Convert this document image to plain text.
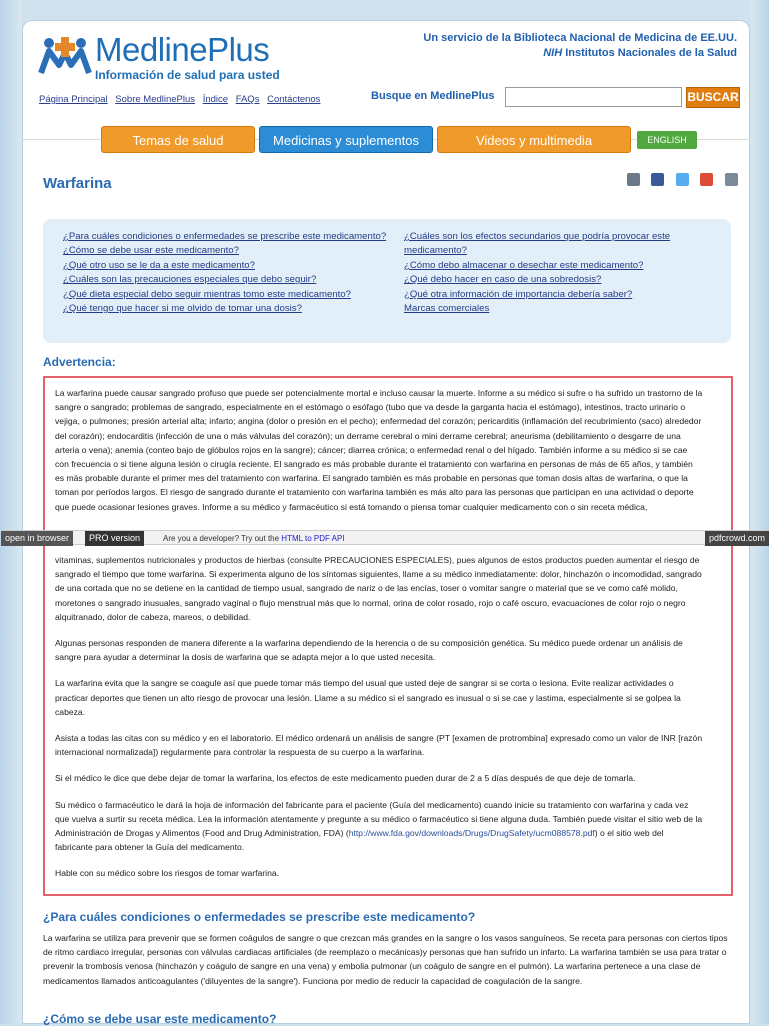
MedlinePlus
Información de salud para usted
Un servicio de la Biblioteca Nacional de Medicina de EE.UU.
NIH Institutos Nacionales de la Salud
Página Principal Sobre MedlinePlus Índice FAQs Contáctenos	Busque en MedlinePlus	BUSCAR
Temas de salud	Medicinas y suplementos	Videos y multimedia	ENGLISH
Warfarina

¿Para cuáles condiciones o enfermedades se prescribe este medicamento?
¿Cómo se debe usar este medicamento?
¿Qué otro uso se le da a este medicamento?
¿Cuáles son las precauciones especiales que debo seguir?
¿Qué dieta especial debo seguir mientras tomo este medicamento?
¿Qué tengo que hacer si me olvido de tomar una dosis?
¿Cuáles son los efectos secundarios que podría provocar este medicamento?
¿Cómo debo almacenar o desechar este medicamento?
¿Qué debo hacer en caso de una sobredosis?
¿Qué otra información de importancia debería saber?
Marcas comerciales
Advertencia:

La warfarina puede causar sangrado profuso que puede ser potencialmente mortal e incluso causar la muerte. Informe a su médico si sufre o ha sufrido un trastorno de la sangre o sangrado; problemas de sangrado, especialmente en el estómago o esófago (tubo que va desde la garganta hacia el estómago), intestinos, tracto urinario o vejiga, o pulmones; presión arterial alta; infarto; angina (dolor o presión en el pecho); enfermedad del corazón; pericarditis (inflamación del recubrimiento (saco) alrededor del corazón); endocarditis (infección de una o más válvulas del corazón); un derrame cerebral o mini derrame cerebral; aneurisma (debilitamiento o desgarre de una arteria o vena); anemia (conteo bajo de glóbulos rojos en la sangre); cáncer; diarrea crónica; o enfermedad renal o del hígado. También informe a su médico si se cae con frecuencia o si tiene alguna lesión o cirugía reciente. El sangrado es más probable durante el tratamiento con warfarina en personas de más de 65 años, y también es más probable durante el primer mes del tratamiento con warfarina. El sangrado también es más probable en personas que toman dosis altas de warfarina, o que la toman por períodos largos. El riesgo de sangrado durante el tratamiento con warfarina también es más alto para las personas que participan en una actividad o deporte que puede ocasionar lesiones graves. Informe a su médico y farmacéutico si está tomando o piensa tomar cualquier medicamento con o sin receta médica,

vitaminas, suplementos nutricionales y productos de hierbas (consulte PRECAUCIONES ESPECIALES), pues algunos de estos productos pueden aumentar el riesgo de sangrado el tiempo que tome warfarina. Si experimenta alguno de los síntomas siguientes, llame a su médico inmediatamente: dolor, hinchazón o incomodidad, sangrado de una cortada que no se detiene en la cantidad de tiempo usual, sangrado de nariz o de las encías, toser o vomitar sangre o material que se ve como café molido, moretones o sangrado inusuales, sangrado vaginal o flujo menstrual más que lo normal, orina de color rosado, rojo o café oscuro, evacuaciones de color rojo o negro alquitranado, dolor de cabeza, mareos, o debilidad.

Algunas personas responden de manera diferente a la warfarina dependiendo de la herencia o de su composición genética. Su médico puede ordenar un análisis de sangre para ayudar a determinar la dosis de warfarina que se adapta mejor a lo que usted necesita.

La warfarina evita que la sangre se coagule así que puede tomar más tiempo del usual que usted deje de sangrar si se corta o lesiona. Evite realizar actividades o practicar deportes que tienen un alto riesgo de provocar una lesión. Llame a su médico si el sangrado es inusual o si se cae y lastima, especialmente si se golpea la cabeza.

Asista a todas las citas con su médico y en el laboratorio. El médico ordenará un análisis de sangre (PT [examen de protrombina] expresado como un valor de INR [razón internacional normalizada]) regularmente para controlar la respuesta de su cuerpo a la warfarina.

Si el médico le dice que debe dejar de tomar la warfarina, los efectos de este medicamento pueden durar de 2 a 5 días después de que deje de tomarla.

Su médico o farmacéutico le dará la hoja de información del fabricante para el paciente (Guía del medicamento) cuando inicie su tratamiento con warfarina y cada vez que vuelva a surtir su receta médica. Lea la información atentamente y pregunte a su médico o farmacéutico si tiene alguna duda. También puede visitar el sitio web de la Administración de Drogas y Alimentos (Food and Drug Administration, FDA) (http://www.fda.gov/downloads/Drugs/DrugSafety/ucm088578.pdf) o el sitio web del fabricante para obtener la Guía del medicamento.

Hable con su médico sobre los riesgos de tomar warfarina.

open in browser	PRO version	Are you a developer? Try out the HTML to PDF API	pdfcrowd.com
¿Para cuáles condiciones o enfermedades se prescribe este medicamento?
La warfarina se utiliza para prevenir que se formen coágulos de sangre o que crezcan más grandes en la sangre o los vasos sanguíneos. Se receta para personas con ciertos tipos de ritmo cardiaco irregular, personas con válvulas cardiacas artificiales (de reemplazo o mecánicas)y personas que han sufrido un infarto. La warfarina también se usa para tratar o prevenir la trombosis venosa (hinchazón y coágulo de sangre en una vena) y embolia pulmonar (un coágulo de sangre en el pulmón). La warfarina pertenece a una clase de medicamentos llamados anticoagulantes ('diluyentes de la sangre'). Funciona por medio de reducir la capacidad de coagulación de la sangre.
¿Cómo se debe usar este medicamento?
